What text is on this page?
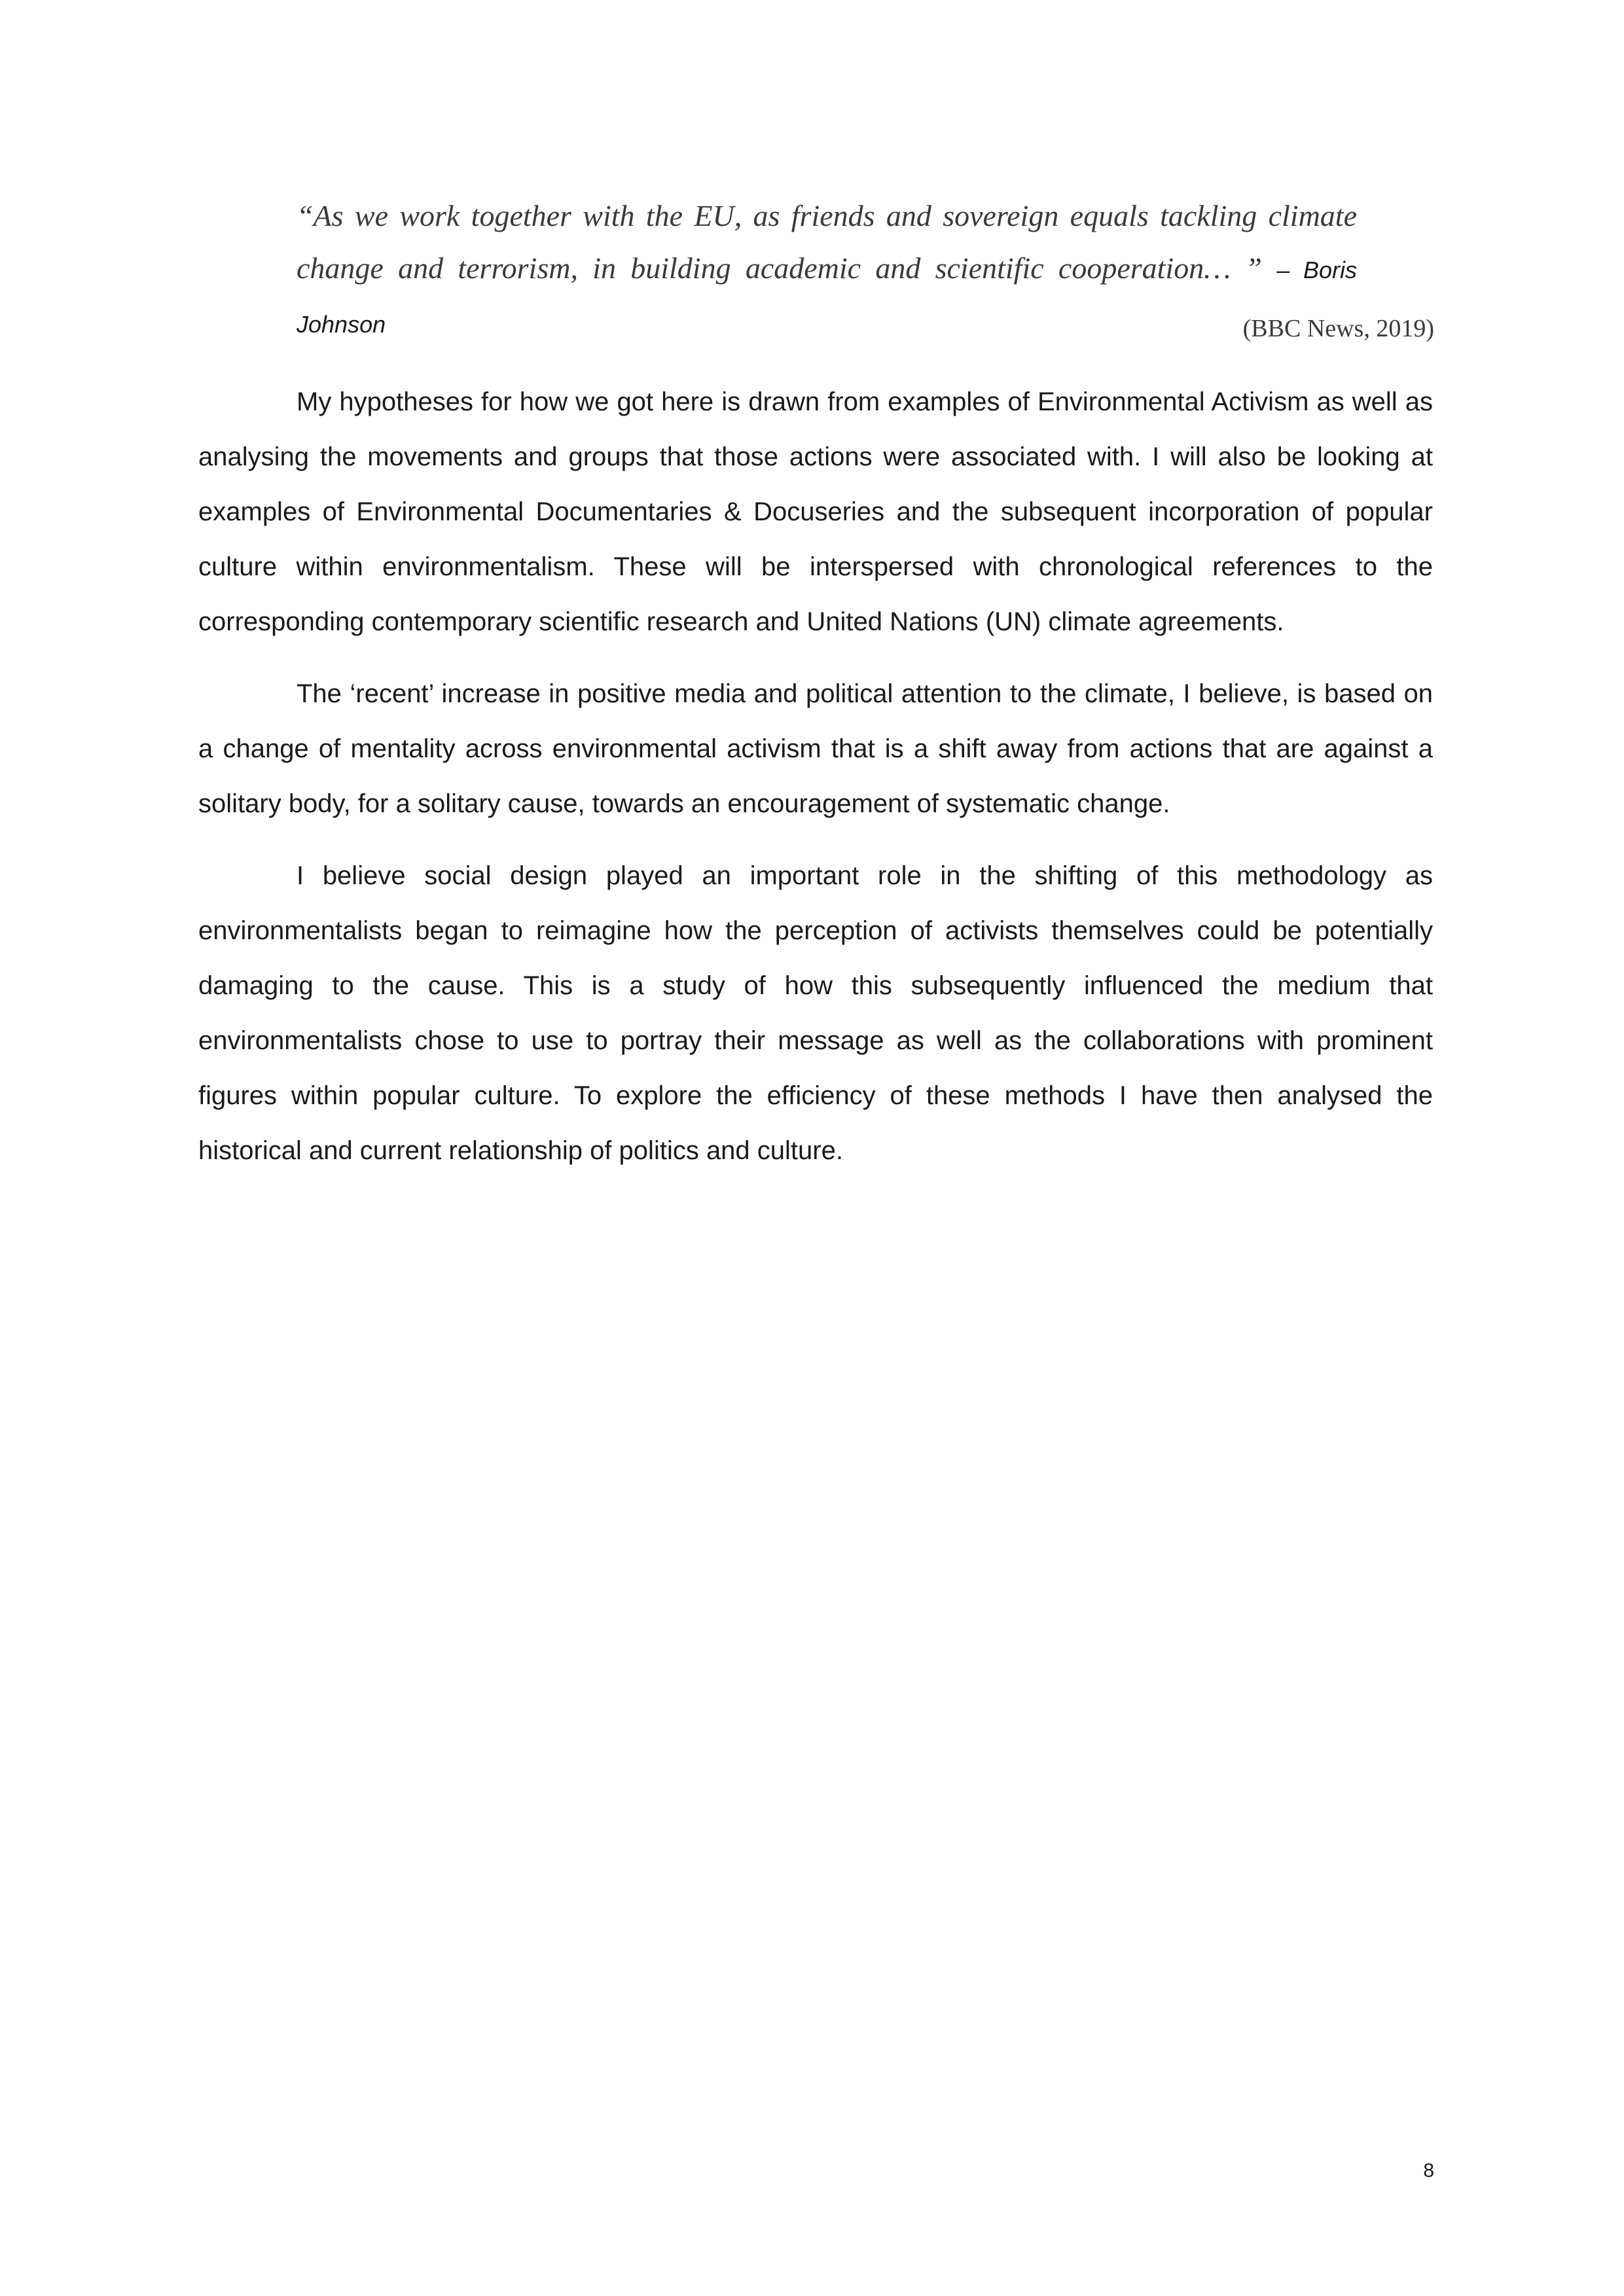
“As we work together with the EU, as friends and sovereign equals tackling climate change and terrorism, in building academic and scientific cooperation… ” – Boris Johnson	(BBC News, 2019)

My hypotheses for how we got here is drawn from examples of Environmental Activism as well as analysing the movements and groups that those actions were associated with. I will also be looking at examples of Environmental Documentaries & Docuseries and the subsequent incorporation of popular culture within environmentalism. These will be interspersed with chronological references to the corresponding contemporary scientific research and United Nations (UN) climate agreements.

The ‘recent’ increase in positive media and political attention to the climate, I believe, is based on a change of mentality across environmental activism that is a shift away from actions that are against a solitary body, for a solitary cause, towards an encouragement of systematic change.

I believe social design played an important role in the shifting of this methodology as environmentalists began to reimagine how the perception of activists themselves could be potentially damaging to the cause. This is a study of how this subsequently influenced the medium that environmentalists chose to use to portray their message as well as the collaborations with prominent figures within popular culture. To explore the efficiency of these methods I have then analysed the historical and current relationship of politics and culture.

8
